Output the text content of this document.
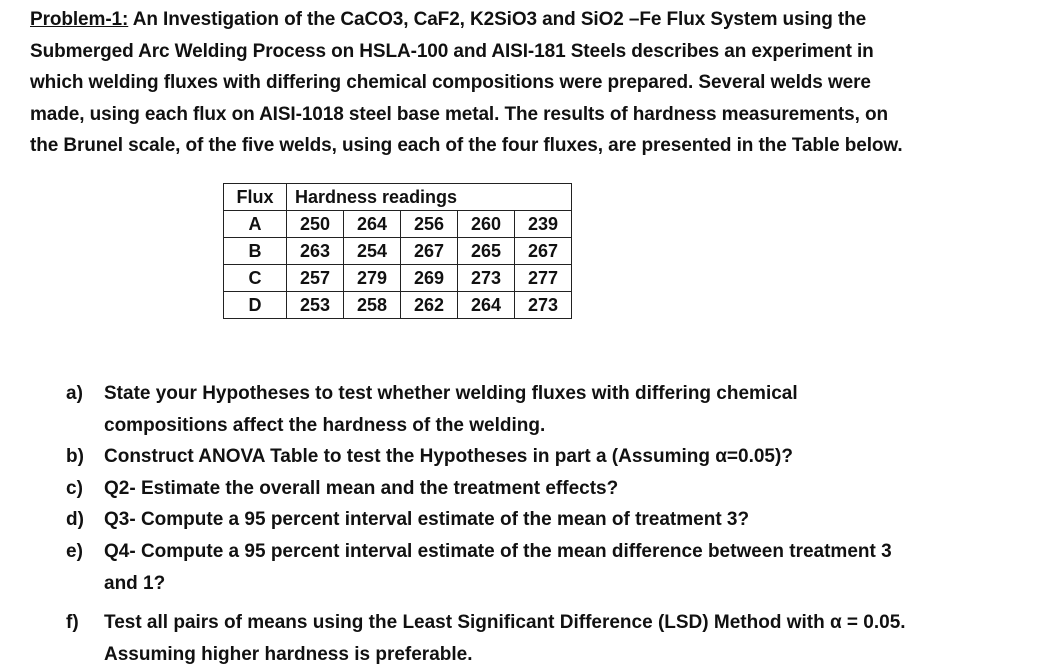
Problem-1: An Investigation of the CaCO3, CaF2, K2SiO3 and SiO2 –Fe Flux System using the
Submerged Arc Welding Process on HSLA-100 and AISI-181 Steels describes an experiment in
which welding fluxes with differing chemical compositions were prepared. Several welds were
made, using each flux on AISI-1018 steel base metal. The results of hardness measurements, on
the Brunel scale, of the five welds, using each of the four fluxes, are presented in the Table below.
Flux	Hardness readings				
A	250	264	256	260	239
B	263	254	267	265	267
C	257	279	269	273	277
D	253	258	262	264	273
a)	State your Hypotheses to test whether welding fluxes with differing chemical
compositions affect the hardness of the welding.
b)	Construct ANOVA Table to test the Hypotheses in part a (Assuming α=0.05)?
c)	Q2- Estimate the overall mean and the treatment effects?
d)	Q3- Compute a 95 percent interval estimate of the mean of treatment 3?
e)	Q4- Compute a 95 percent interval estimate of the mean difference between treatment 3
and 1?
f)	Test all pairs of means using the Least Significant Difference (LSD) Method with α = 0.05.
Assuming higher hardness is preferable.
